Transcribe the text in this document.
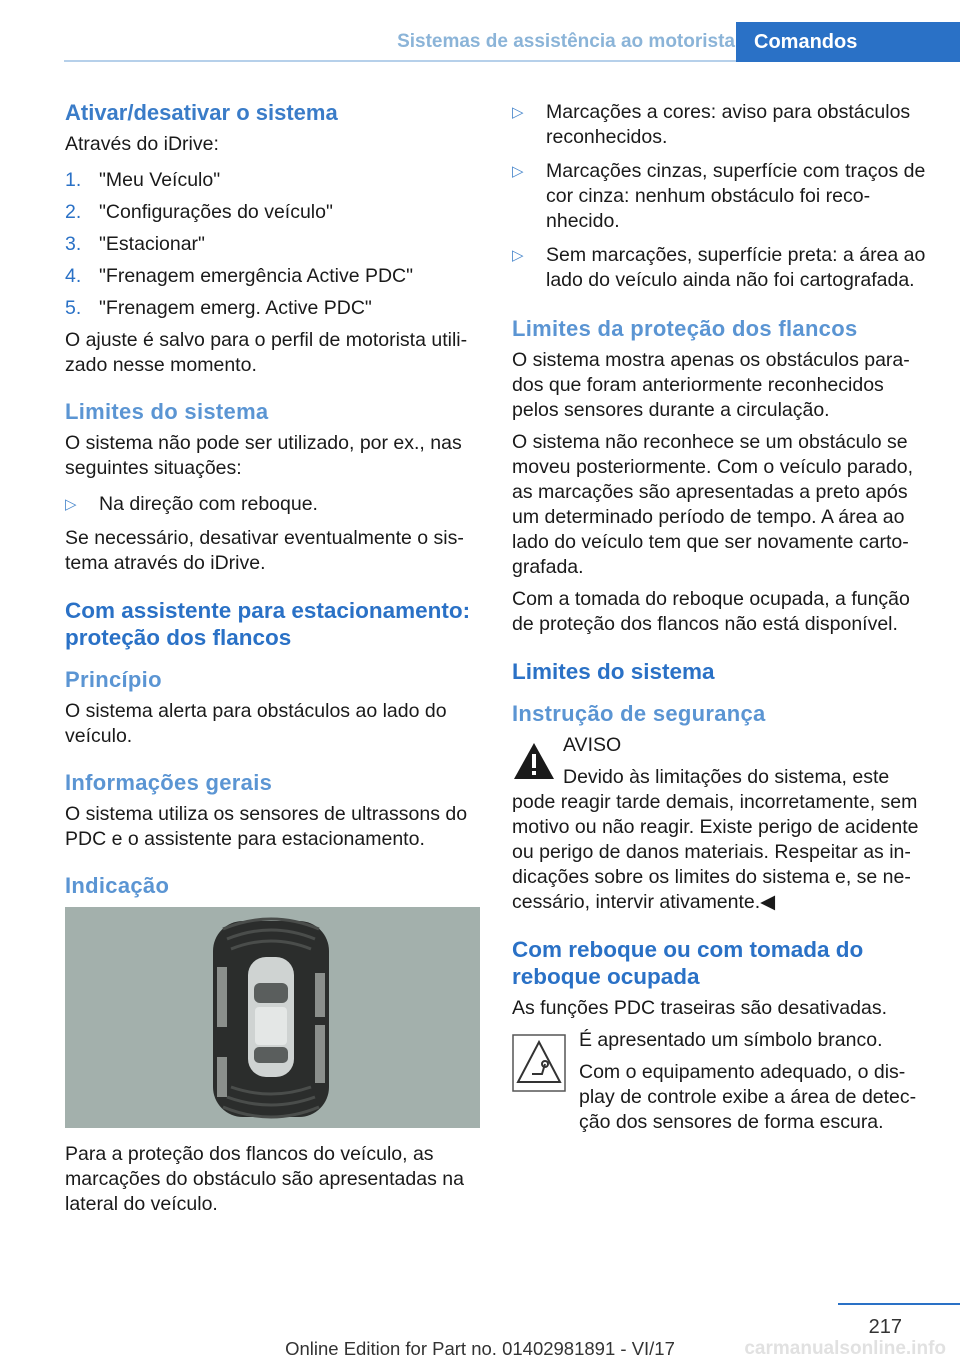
Sistemas de assistência ao motorista Comandos
Ativar/desativar o sistema
Através do iDrive:
1. "Meu Veículo"
2. "Configurações do veículo"
3. "Estacionar"
4. "Frenagem emergência Active PDC"
5. "Frenagem emerg. Active PDC"
O ajuste é salvo para o perfil de motorista utili-zado nesse momento.
Limites do sistema
O sistema não pode ser utilizado, por ex., nas seguintes situações:
▷ Na direção com reboque.
Se necessário, desativar eventualmente o sis-tema através do iDrive.
Com assistente para estacionamento: proteção dos flancos
Princípio
O sistema alerta para obstáculos ao lado do veículo.
Informações gerais
O sistema utiliza os sensores de ultrassons do PDC e o assistente para estacionamento.
Indicação
Para a proteção dos flancos do veículo, as marcações do obstáculo são apresentadas na lateral do veículo.
▷ Marcações a cores: aviso para obstáculos reconhecidos.
▷ Marcações cinzas, superfície com traços de cor cinza: nenhum obstáculo foi reco-nhecido.
▷ Sem marcações, superfície preta: a área ao lado do veículo ainda não foi cartografada.
Limites da proteção dos flancos
O sistema mostra apenas os obstáculos para-dos que foram anteriormente reconhecidos pelos sensores durante a circulação.
O sistema não reconhece se um obstáculo se moveu posteriormente. Com o veículo parado, as marcações são apresentadas a preto após um determinado período de tempo. A área ao lado do veículo tem que ser novamente carto-grafada.
Com a tomada do reboque ocupada, a função de proteção dos flancos não está disponível.
Limites do sistema
Instrução de segurança
AVISO
Devido às limitações do sistema, este pode reagir tarde demais, incorretamente, sem motivo ou não reagir. Existe perigo de acidente ou perigo de danos materiais. Respeitar as in-dicações sobre os limites do sistema e, se ne-cessário, intervir ativamente.◀
Com reboque ou com tomada do reboque ocupada
As funções PDC traseiras são desativadas.
É apresentado um símbolo branco.
Com o equipamento adequado, o dis-play de controle exibe a área de detec-ção dos sensores de forma escura.
217
Online Edition for Part no. 01402981891 - VI/17	carmanualsonline.info
